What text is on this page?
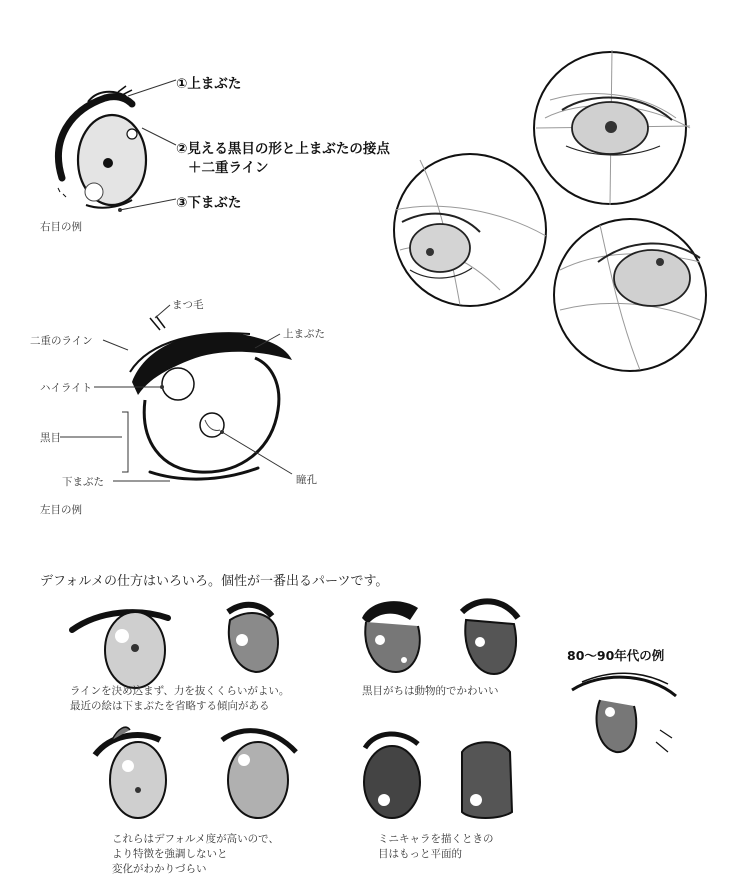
①上まぶた
②見える黒目の形と上まぶたの接点
＋二重ライン
③下まぶた
右目の例
まつ毛
二重のライン
上まぶた
ハイライト
黒目
下まぶた	瞳孔
左目の例
デフォルメの仕方はいろいろ。個性が一番出るパーツです。
ラインを決め込まず、力を抜くくらいがよい。
最近の絵は下まぶたを省略する傾向がある
黒目がちは動物的でかわいい
これらはデフォルメ度が高いので、
より特徴を強調しないと
変化がわかりづらい
ミニキャラを描くときの
目はもっと平面的
80～90年代の例
